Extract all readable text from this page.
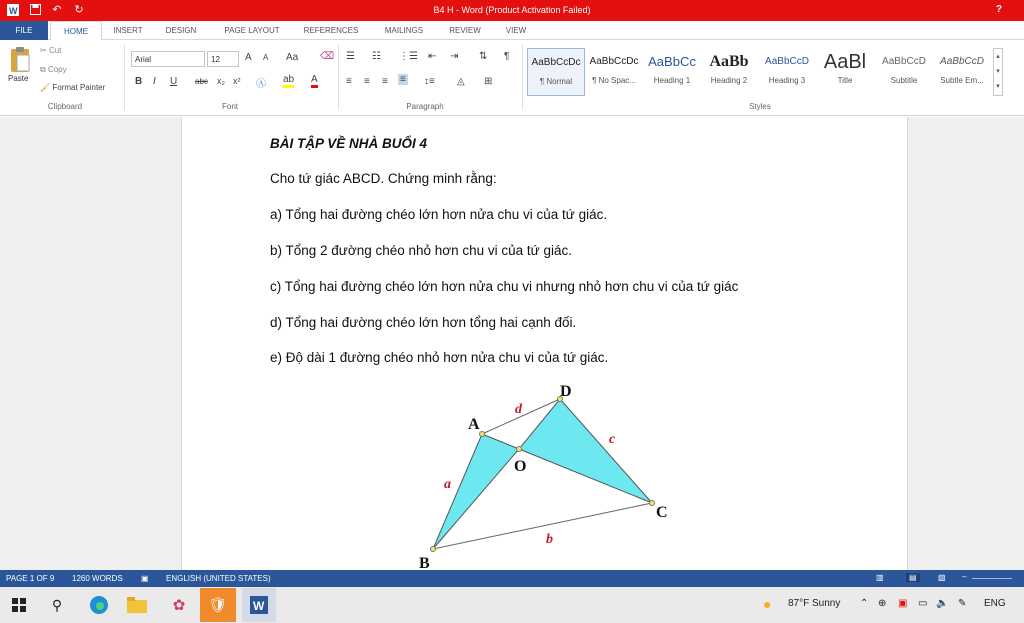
W	↶ ↻	B4 H - Word (Product Activation Failed)	?
FILE	HOME	INSERT	DESIGN	PAGE LAYOUT	REFERENCES	MAILINGS	REVIEW	VIEW
Paste
✂ Cut
⧉ Copy
🖌 Format Painter
Clipboard
Arial	12	A A Aa ⌫
B I U abc x₂ x² Ⓐ ab A
Font
☰ ☷ ⋮☰ ⇤ ⇥ ⇅ ¶
≡ ≡ ≡ ≡ ↕≡ ◬ ⊞
Paragraph
AaBbCcDc
¶ Normal
AaBbCcDc
¶ No Spac...
AaBbCc
Heading 1
AaBb
Heading 2
AaBbCcD
Heading 3
AaBl
Title
AaBbCcD
Subtitle
AaBbCcD
Subtle Em...
▴
▾
▾
Styles
BÀI TẬP VỀ NHÀ BUỔI 4
Cho tứ giác ABCD. Chứng minh rằng:
a) Tổng hai đường chéo lớn hơn nửa chu vi của tứ giác.
b) Tổng 2 đường chéo nhỏ hơn chu vi của tứ giác.
c) Tổng hai đường chéo lớn hơn nửa chu vi nhưng nhỏ hơn chu vi của tứ giác
d) Tổng hai đường chéo lớn hơn tổng hai cạnh đối.
e) Độ dài 1 đường chéo nhỏ hơn nửa chu vi của tứ giác.
A
D
C
B
O
a
b
c
d
PAGE 1 OF 9 1260 WORDS ▣ ENGLISH (UNITED STATES)	▥	▤	▧ –
⚲	✿	🛡	W	● 87°F Sunny ⌃ ⊕ ▣ ▭ 🔈 ✎ ENG
